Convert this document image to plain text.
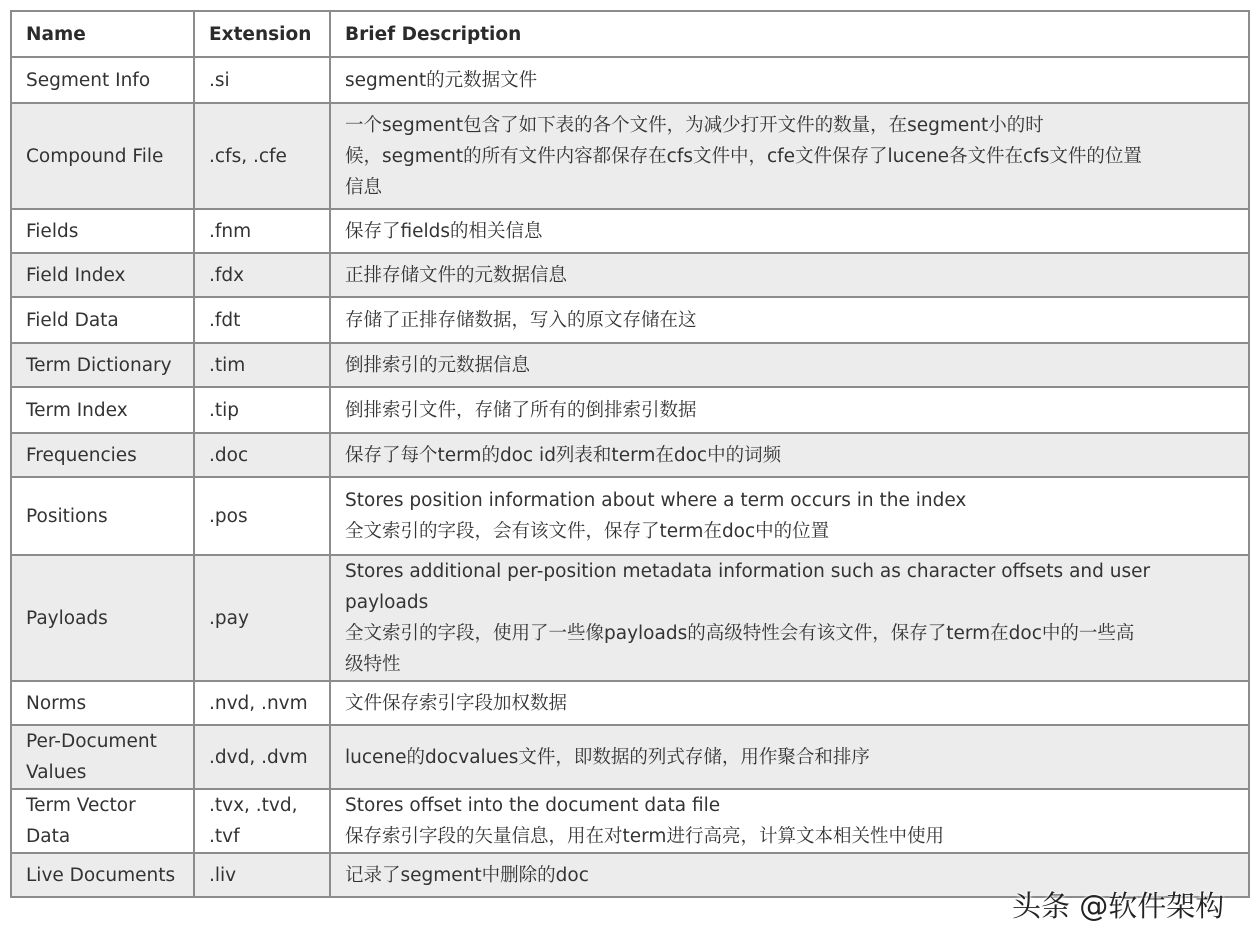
Name	Extension	Brief Description
Segment Info	.si	segment的元数据文件

Compound File	.cfs, .cfe	一个segment包含了如下表的各个文件，为减少打开文件的数量，在segment小的时
候，segment的所有文件内容都保存在cfs文件中，cfe文件保存了lucene各文件在cfs文件的位置
信息

Fields	.fnm	保存了fields的相关信息

Field Index	.fdx	正排存储文件的元数据信息

Field Data	.fdt	存储了正排存储数据，写入的原文存储在这

Term Dictionary	.tim	倒排索引的元数据信息

Term Index	.tip	倒排索引文件，存储了所有的倒排索引数据

Frequencies	.doc	保存了每个term的doc id列表和term在doc中的词频

Positions	.pos	Stores position information about where a term occurs in the index
全文索引的字段，会有该文件，保存了term在doc中的位置

Payloads	.pay	Stores additional per-position metadata information such as character offsets and user payloads
全文索引的字段，使用了一些像payloads的高级特性会有该文件，保存了term在doc中的一些高
级特性

Norms	.nvd, .nvm	文件保存索引字段加权数据

Per-Document
Values	.dvd, .dvm	lucene的docvalues文件，即数据的列式存储，用作聚合和排序

Term Vector
Data	.tvx, .tvd,
.tvf	Stores offset into the document data file
保存索引字段的矢量信息，用在对term进行高亮，计算文本相关性中使用

Live Documents	.liv	记录了segment中删除的doc
头条 @软件架构
